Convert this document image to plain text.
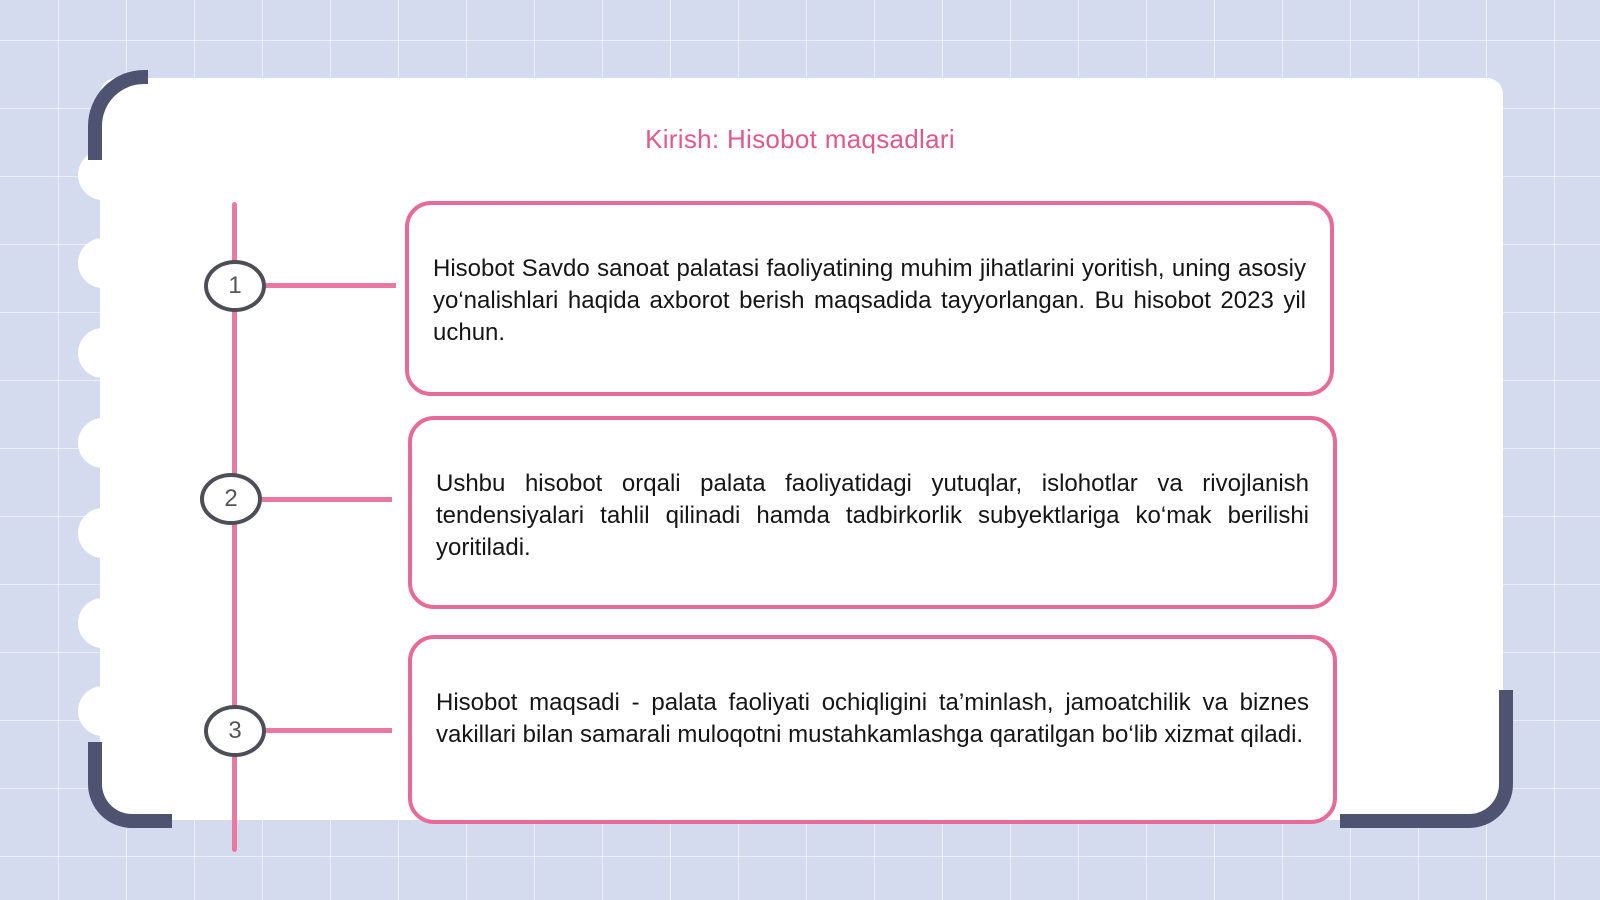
Kirish: Hisobot maqsadlari
1
2
3
Hisobot Savdo sanoat palatasi faoliyatining muhim jihatlarini yoritish, uning asosiy yo‘nalishlari haqida axborot berish maqsadida tayyorlangan. Bu hisobot 2023 yil uchun.
Ushbu hisobot orqali palata faoliyatidagi yutuqlar, islohotlar va rivojlanish tendensiyalari tahlil qilinadi hamda tadbirkorlik subyektlariga ko‘mak berilishi yoritiladi.
Hisobot maqsadi - palata faoliyati ochiqligini ta’minlash, jamoatchilik va biznes vakillari bilan samarali muloqotni mustahkamlashga qaratilgan bo‘lib xizmat qiladi.
